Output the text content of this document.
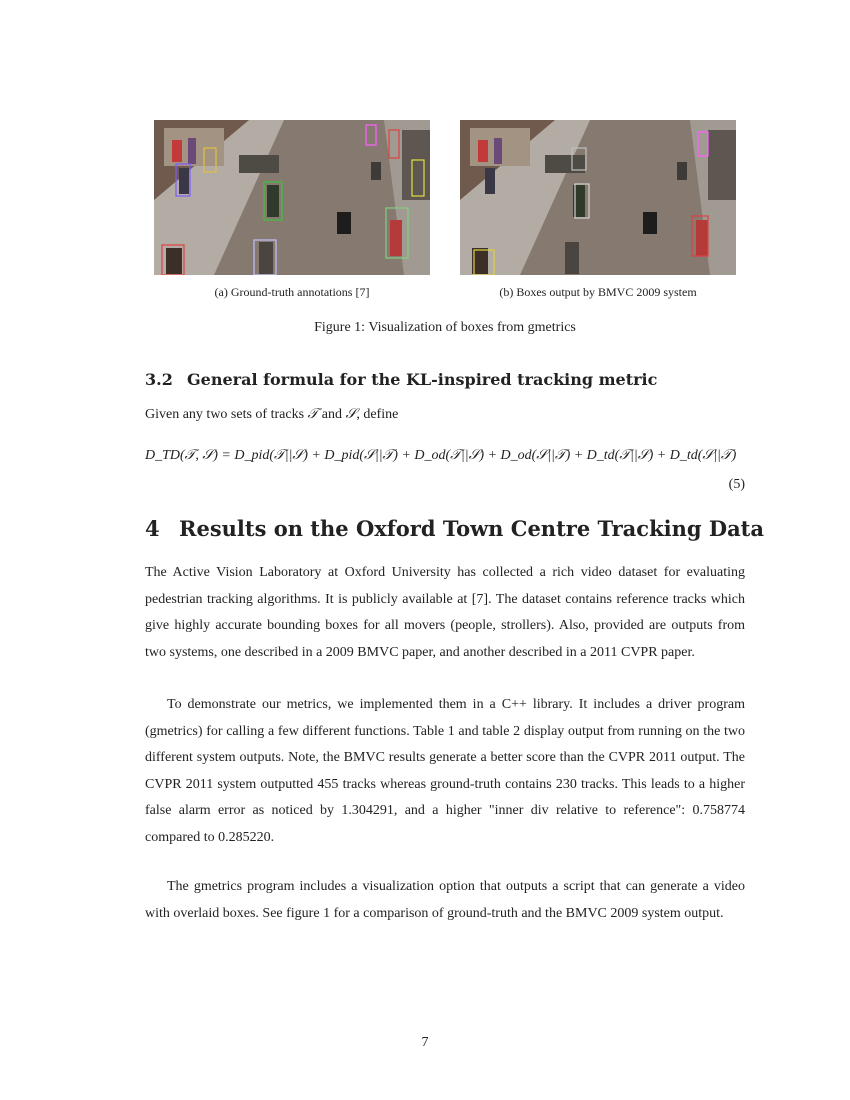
(a) Ground-truth annotations [7]	(b) Boxes output by BMVC 2009 system
Figure 1: Visualization of boxes from gmetrics
3.2 General formula for the KL-inspired tracking metric
Given any two sets of tracks 𝒯 and 𝒮, define
D_TD(𝒯, 𝒮) = D_pid(𝒯||𝒮) + D_pid(𝒮||𝒯) + D_od(𝒯||𝒮) + D_od(𝒮||𝒯) + D_td(𝒯||𝒮) + D_td(𝒮||𝒯)
(5)
4 Results on the Oxford Town Centre Tracking Data
The Active Vision Laboratory at Oxford University has collected a rich video dataset for evaluating pedestrian tracking algorithms. It is publicly available at [7]. The dataset contains reference tracks which give highly accurate bounding boxes for all movers (people, strollers). Also, provided are outputs from two systems, one described in a 2009 BMVC paper, and another described in a 2011 CVPR paper.
To demonstrate our metrics, we implemented them in a C++ library. It includes a driver program (gmetrics) for calling a few different functions. Table 1 and table 2 display output from running on the two different system outputs. Note, the BMVC results generate a better score than the CVPR 2011 output. The CVPR 2011 system outputted 455 tracks whereas ground-truth contains 230 tracks. This leads to a higher false alarm error as noticed by 1.304291, and a higher "inner div relative to reference": 0.758774 compared to 0.285220.
The gmetrics program includes a visualization option that outputs a script that can generate a video with overlaid boxes. See figure 1 for a comparison of ground-truth and the BMVC 2009 system output.
7
